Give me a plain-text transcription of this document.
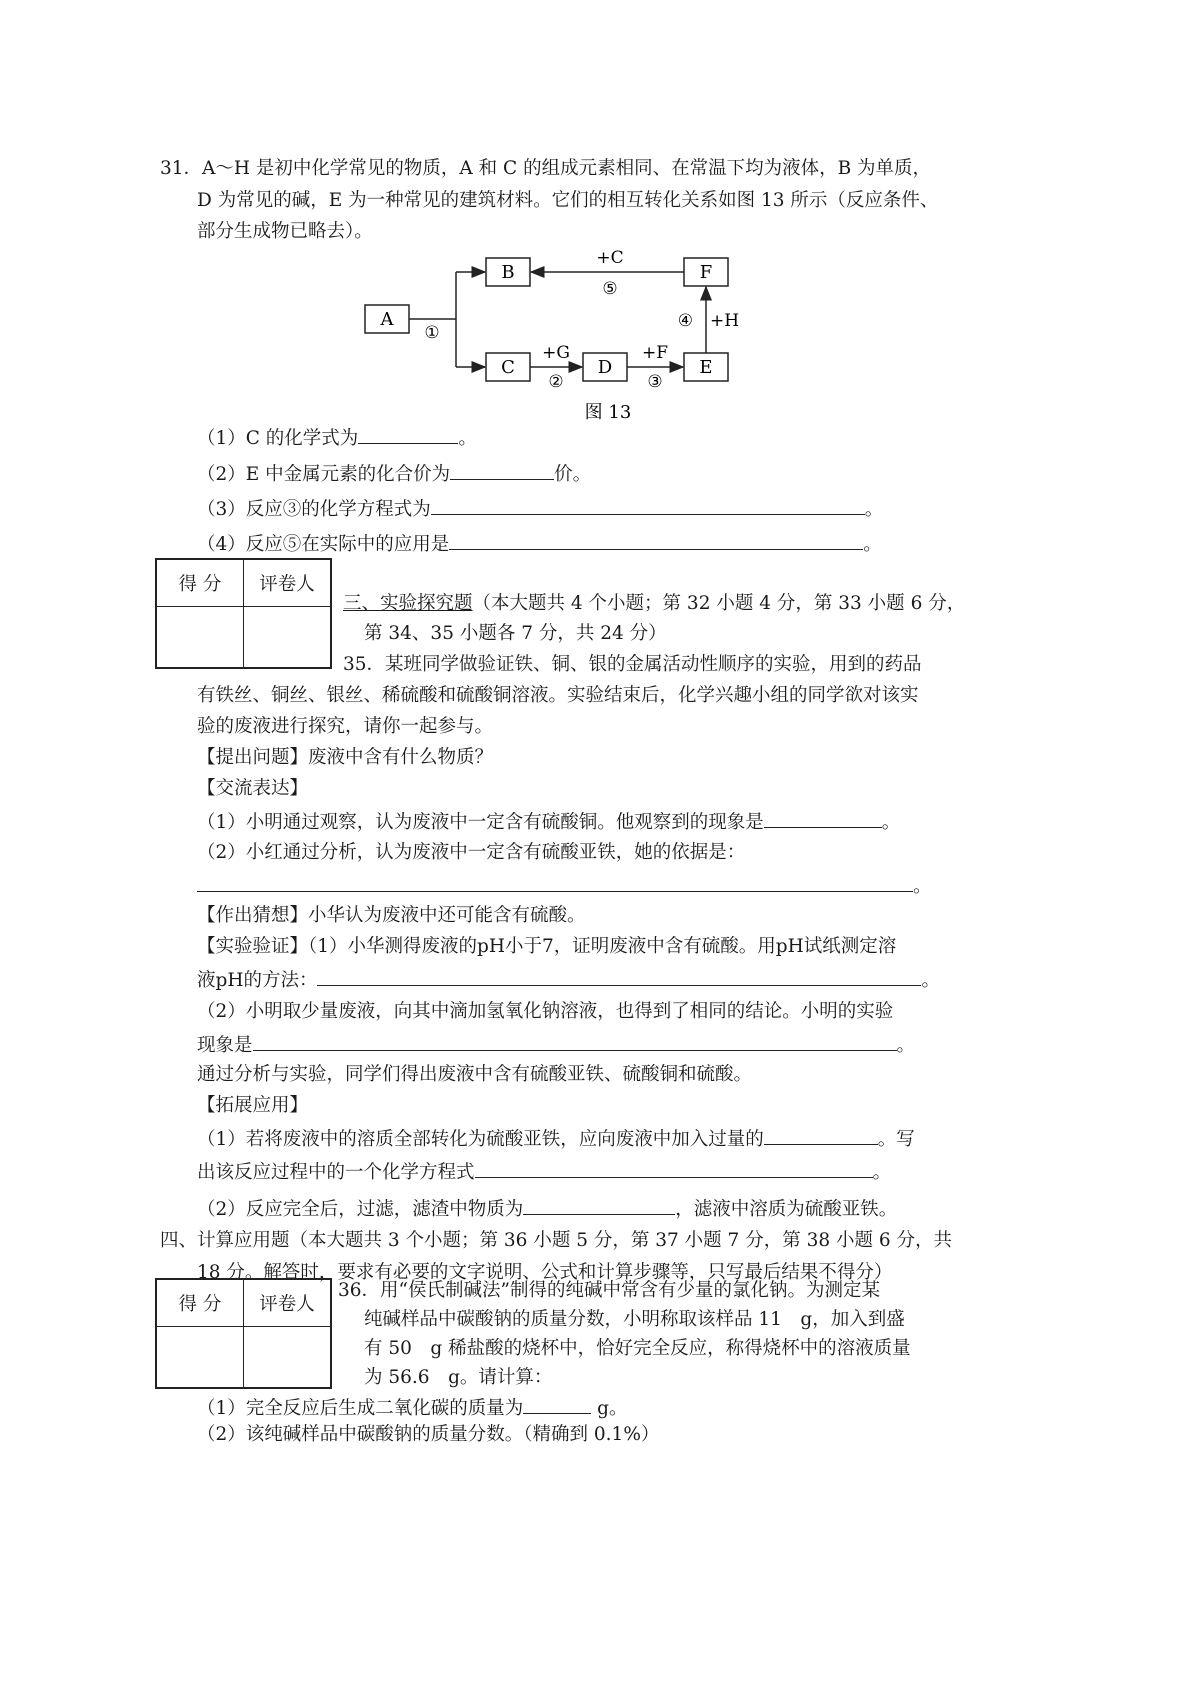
31．A～H 是初中化学常见的物质，A 和 C 的组成元素相同、在常温下均为液体，B 为单质，
D 为常见的碱，E 为一种常见的建筑材料。它们的相互转化关系如图 13 所示（反应条件、
部分生成物已略去）。
A
B	F
C	D	E
+C
⑤
①
④ +H
+G
②
+F
③
图 13
（1）C 的化学式为	。
（2）E 中金属元素的化合价为	价。
（3）反应③的化学方程式为	。
（4）反应⑤在实际中的应用是	。
得 分	评卷人

三、实验探究题（本大题共 4 个小题；第 32 小题 4 分，第 33 小题 6 分，
第 34、35 小题各 7 分，共 24 分）
35．某班同学做验证铁、铜、银的金属活动性顺序的实验，用到的药品
有铁丝、铜丝、银丝、稀硫酸和硫酸铜溶液。实验结束后，化学兴趣小组的同学欲对该实
验的废液进行探究，请你一起参与。
【提出问题】废液中含有什么物质？
【交流表达】
（1）小明通过观察，认为废液中一定含有硫酸铜。他观察到的现象是	。
（2）小红通过分析，认为废液中一定含有硫酸亚铁，她的依据是：
。
【作出猜想】小华认为废液中还可能含有硫酸。
【实验验证】（1）小华测得废液的pH小于7，证明废液中含有硫酸。用pH试纸测定溶
液pH的方法：	。
（2）小明取少量废液，向其中滴加氢氧化钠溶液，也得到了相同的结论。小明的实验
现象是	。
通过分析与实验，同学们得出废液中含有硫酸亚铁、硫酸铜和硫酸。
【拓展应用】
（1）若将废液中的溶质全部转化为硫酸亚铁，应向废液中加入过量的	。写
出该反应过程中的一个化学方程式	。
（2）反应完全后，过滤，滤渣中物质为	，滤液中溶质为硫酸亚铁。
四、计算应用题（本大题共 3 个小题；第 36 小题 5 分，第 37 小题 7 分，第 38 小题 6 分，共
18 分。解答时，要求有必要的文字说明、公式和计算步骤等，只写最后结果不得分）
得 分	评卷人

36．用“侯氏制碱法”制得的纯碱中常含有少量的氯化钠。为测定某
纯碱样品中碳酸钠的质量分数，小明称取该样品 11　g，加入到盛
有 50　g 稀盐酸的烧杯中，恰好完全反应，称得烧杯中的溶液质量
为 56.6　g。请计算：
（1）完全反应后生成二氧化碳的质量为	g。
（2）该纯碱样品中碳酸钠的质量分数。（精确到 0.1%）
